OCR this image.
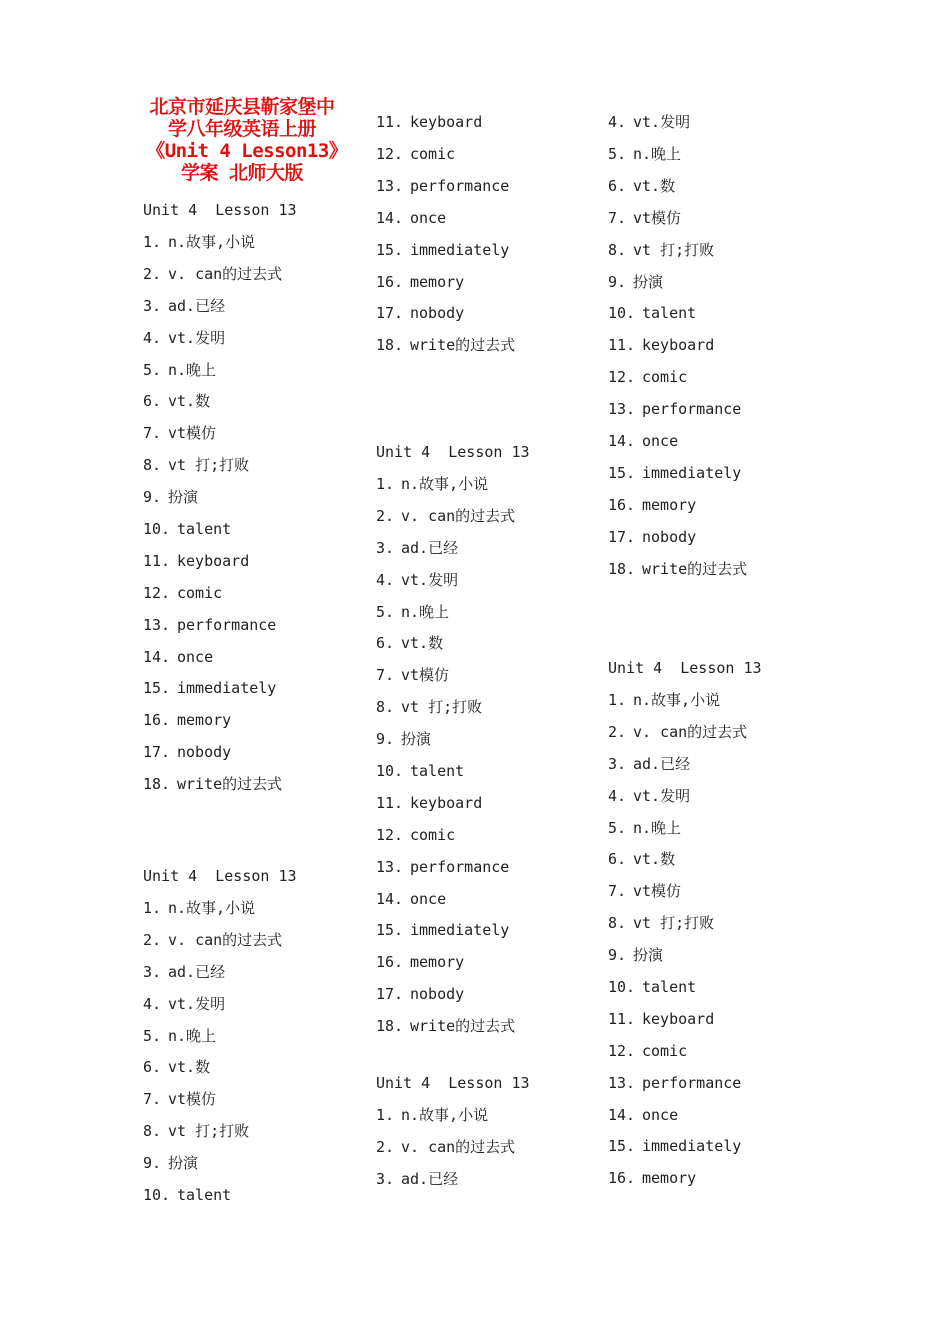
北京市延庆县靳家堡中学八年级英语上册《Unit 4 Lesson13》学案 北师大版
Unit 4  Lesson 13
1. n.故事,小说
2. v. can的过去式
3. ad.已经
4. vt.发明
5. n.晚上
6. vt.数
7. vt模仿
8. vt 打;打败
9. 扮演
10. talent
11. keyboard
12. comic
13. performance
14. once
15. immediately
16. memory
17. nobody
18. write的过去式
Unit 4  Lesson 13
1. n.故事,小说
2. v. can的过去式
3. ad.已经
4. vt.发明
5. n.晚上
6. vt.数
7. vt模仿
8. vt 打;打败
9. 扮演
10. talent
11. keyboard
12. comic
13. performance
14. once
15. immediately
16. memory
17. nobody
18. write的过去式
Unit 4  Lesson 13
1. n.故事,小说
2. v. can的过去式
3. ad.已经
4. vt.发明
5. n.晚上
6. vt.数
7. vt模仿
8. vt 打;打败
9. 扮演
10. talent
11. keyboard
12. comic
13. performance
14. once
15. immediately
16. memory
17. nobody
18. write的过去式
Unit 4  Lesson 13
1. n.故事,小说
2. v. can的过去式
3. ad.已经
4. vt.发明
5. n.晚上
6. vt.数
7. vt模仿
8. vt 打;打败
9. 扮演
10. talent
11. keyboard
12. comic
13. performance
14. once
15. immediately
16. memory
17. nobody
18. write的过去式
Unit 4  Lesson 13
1. n.故事,小说
2. v. can的过去式
3. ad.已经
4. vt.发明
5. n.晚上
6. vt.数
7. vt模仿
8. vt 打;打败
9. 扮演
10. talent
11. keyboard
12. comic
13. performance
14. once
15. immediately
16. memory
